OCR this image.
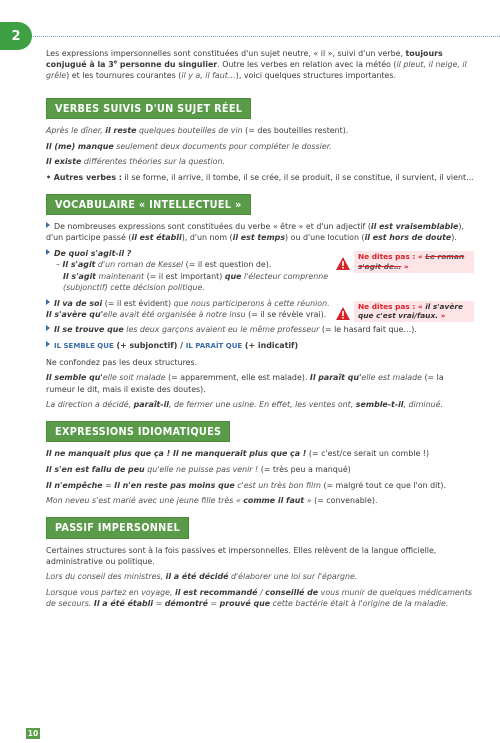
2

Les expressions impersonnelles sont constituées d'un sujet neutre, « il », suivi d'un verbe, toujours conjugué à la 3e personne du singulier. Outre les verbes en relation avec la météo (il pleut, il neige, il grêle) et les tournures courantes (il y a, il faut…), voici quelques structures importantes.

VERBES SUIVIS D'UN SUJET RÉEL

Après le dîner, il reste quelques bouteilles de vin (= des bouteilles restent).

Il (me) manque seulement deux documents pour compléter le dossier.

Il existe différentes théories sur la question.

• Autres verbes : il se forme, il arrive, il tombe, il se crée, il se produit, il se constitue, il survient, il vient…

VOCABULAIRE « INTELLECTUEL »

De nombreuses expressions sont constituées du verbe « être » et d'un adjectif (il est vraisemblable), d'un participe passé (il est établi), d'un nom (il est temps) ou d'une locution (il est hors de doute).

De quoi s'agit-il ?

– Il s'agit d'un roman de Kessel (= il est question de).

Il s'agit maintenant (= il est important) que l'électeur comprenne (subjonctif) cette décision politique.

Ne dites pas : « Le roman s'agit de… »

Il va de soi (= il est évident) que nous participerons à cette réunion. Il s'avère qu'elle avait été organisée à notre insu (= il se révèle vrai).

Ne dites pas : « il s'avère que c'est vrai/faux. »

Il se trouve que les deux garçons avaient eu le même professeur (= le hasard fait que…).

IL SEMBLE QUE (+ subjonctif) / IL PARAÎT QUE (+ indicatif)

Ne confondez pas les deux structures.

Il semble qu'elle soit malade (= apparemment, elle est malade). Il paraît qu'elle est malade (= la rumeur le dit, mais il existe des doutes).

La direction a décidé, paraît-il, de fermer une usine. En effet, les ventes ont, semble-t-il, diminué.

EXPRESSIONS IDIOMATIQUES

Il ne manquait plus que ça ! Il ne manquerait plus que ça ! (= c'est/ce serait un comble !)

Il s'en est fallu de peu qu'elle ne puisse pas venir ! (= très peu a manqué)

Il n'empêche = Il n'en reste pas moins que c'est un très bon film (= malgré tout ce que l'on dit).

Mon neveu s'est marié avec une jeune fille très « comme il faut » (= convenable).

PASSIF IMPERSONNEL

Certaines structures sont à la fois passives et impersonnelles. Elles relèvent de la langue officielle, administrative ou politique.

Lors du conseil des ministres, il a été décidé d'élaborer une loi sur l'épargne.

Lorsque vous partez en voyage, il est recommandé / conseillé de vous munir de quelques médicaments de secours. Il a été établi = démontré = prouvé que cette bactérie était à l'origine de la maladie.

10
